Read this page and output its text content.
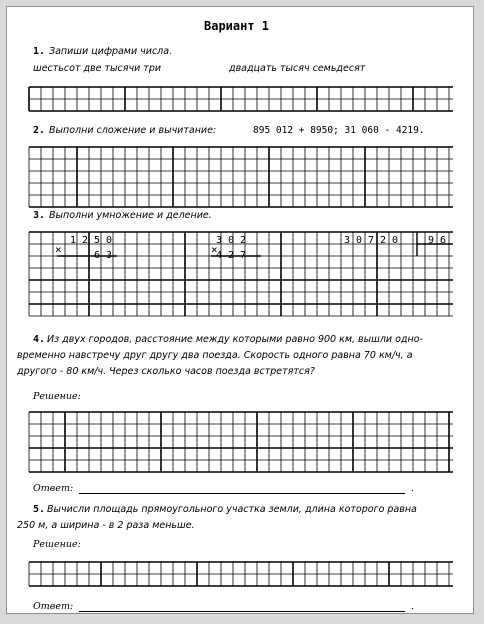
Вариант 1
1. Запиши цифрами числа.
шестьсот две тысячи три	двадцать тысяч семьдесят
2. Выполни сложение и вычитание:	895 012 + 8950; 31 060 - 4219.
3. Выполни умножение и деление.
×
1 2 5 0
6 3	×
3 0 2
4 2 7
3 0 7 2 0	9 6
4. Из двух городов, расстояние между которыми равно 900 км, вышли одно-
временно навстречу друг другу два поезда. Скорость одного равна 70 км/ч, а
другого - 80 км/ч. Через сколько часов поезда встретятся?
Решение:
Ответ:	.
5. Вычисли площадь прямоугольного участка земли, длина которого равна
250 м, а ширина - в 2 раза меньше.
Решение:
Ответ:	.
